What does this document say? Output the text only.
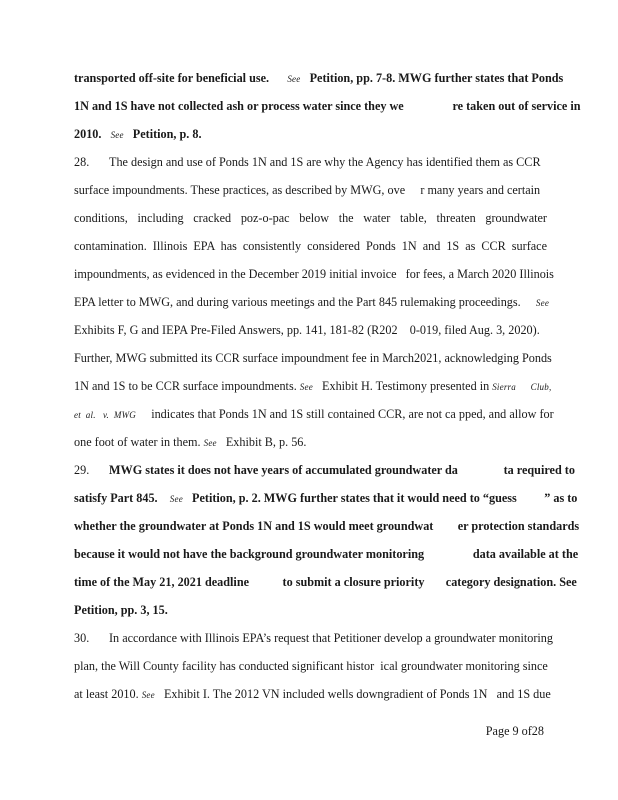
transported off-site for beneficial use. See Petition, pp. 7-8. MWG further states that Ponds
1N and 1S have not collected ash or process water since they we                re taken out of service in
2010. See Petition, p. 8.
28.	The design and use of Ponds 1N and 1S are why the Agency has identified them as CCR
surface impoundments. These practices, as described by MWG, ove     r many years and certain
conditions, including cracked poz-o-pac below the water table, threaten groundwater
contamination. Illinois EPA has consistently considered Ponds 1N and 1S as CCR surface
impoundments, as evidenced in the December 2019 initial invoice   for fees, a March 2020 Illinois
EPA letter to MWG, and during various meetings and the Part 845 rulemaking proceedings. See
Exhibits F, G and IEPA Pre-Filed Answers, pp. 141, 181-82 (R202    0-019, filed Aug. 3, 2020).
Further, MWG submitted its CCR surface impoundment fee in March2021, acknowledging Ponds
1N and 1S to be CCR surface impoundments. See Exhibit H. Testimony presented in Sierra      Club,
et  al.   v.  MWG indicates that Ponds 1N and 1S still contained CCR, are not ca pped, and allow for
one foot of water in them. See Exhibit B, p. 56.
29.	MWG states it does not have years of accumulated groundwater da               ta required to
satisfy Part 845. See Petition, p. 2. MWG further states that it would need to “guess         ” as to
whether the groundwater at Ponds 1N and 1S would meet groundwat        er protection standards
because it would not have the background groundwater monitoring                data available at the
time of the May 21, 2021 deadline           to submit a closure priority       category designation. See
Petition, pp. 3, 15.
30.	In accordance with Illinois EPA’s request that Petitioner develop a groundwater monitoring
plan, the Will County facility has conducted significant histor  ical groundwater monitoring since
at least 2010. See Exhibit I. The 2012 VN included wells downgradient of Ponds 1N   and 1S due
Page 9 of28
